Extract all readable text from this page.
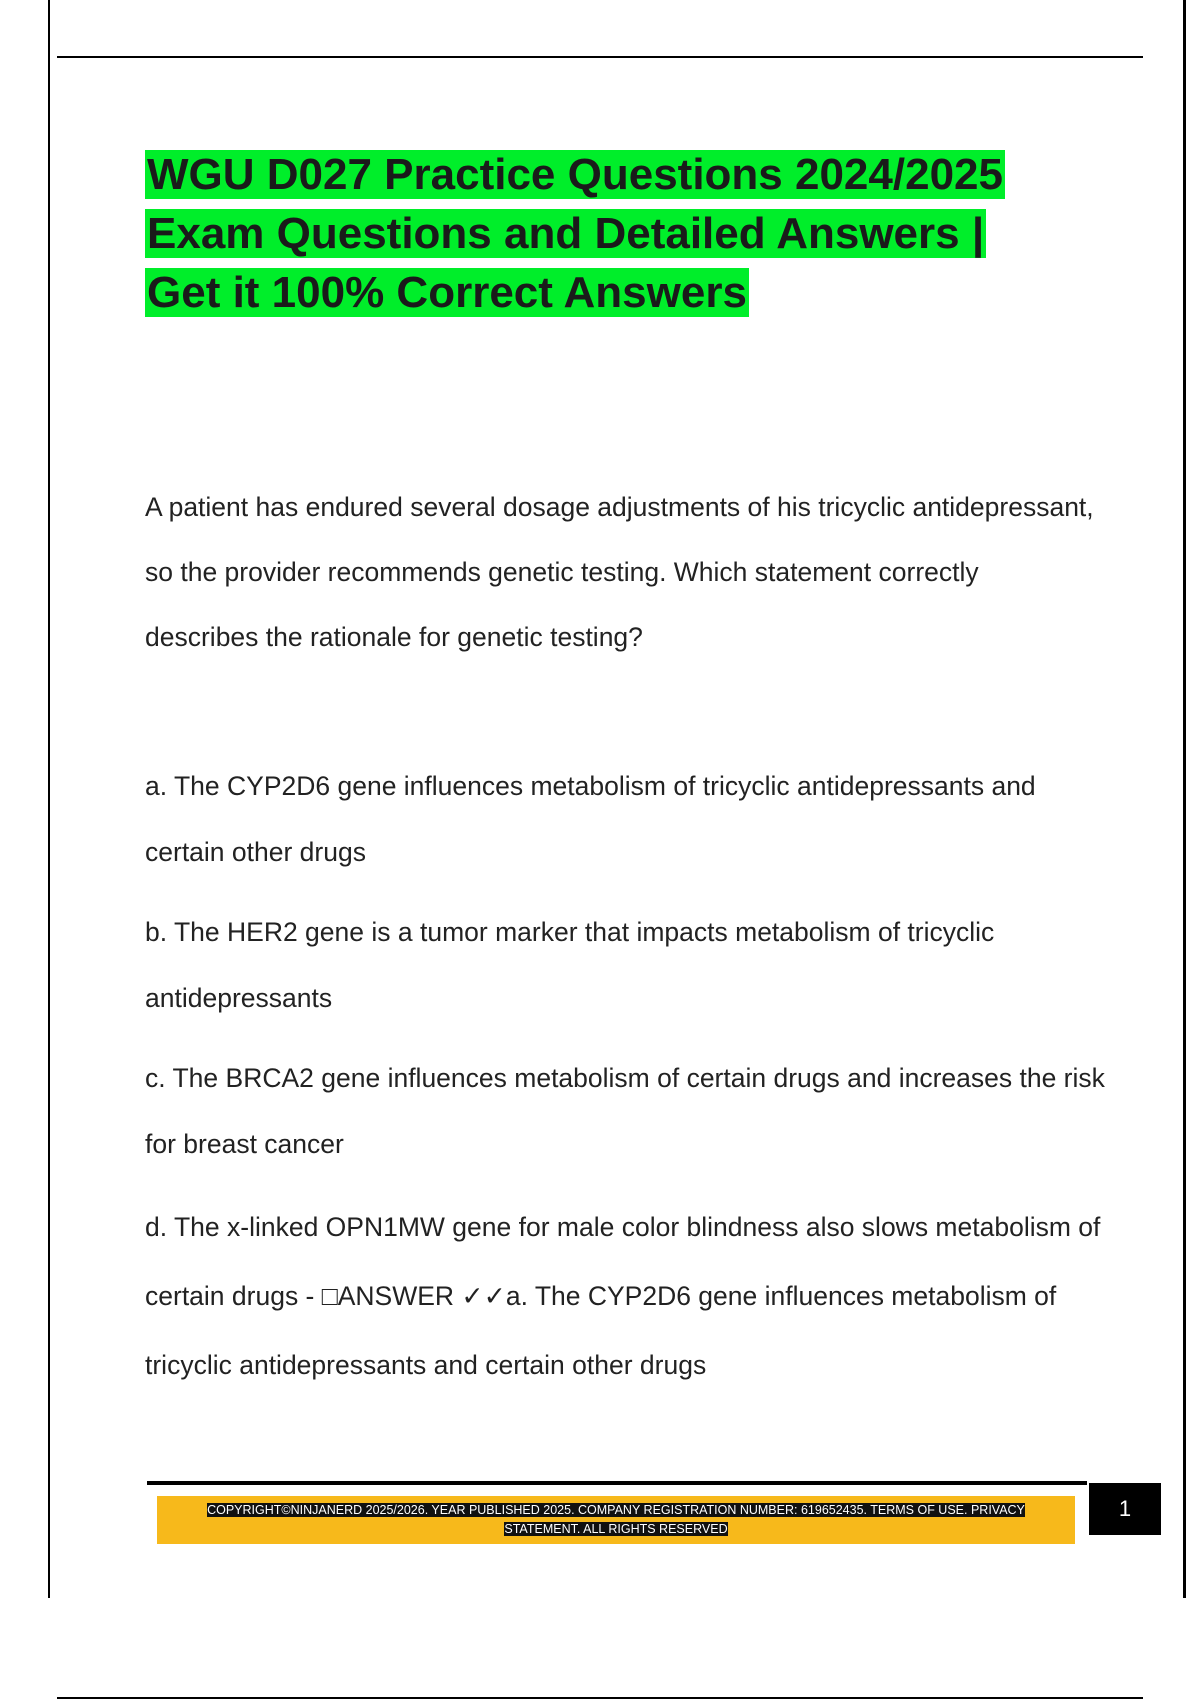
WGU D027 Practice Questions 2024/2025
Exam Questions and Detailed Answers |
Get it 100% Correct Answers

A patient has endured several dosage adjustments of his tricyclic antidepressant, so the provider recommends genetic testing. Which statement correctly describes the rationale for genetic testing?

a. The CYP2D6 gene influences metabolism of tricyclic antidepressants and certain other drugs

b. The HER2 gene is a tumor marker that impacts metabolism of tricyclic antidepressants

c. The BRCA2 gene influences metabolism of certain drugs and increases the risk for breast cancer

d. The x-linked OPN1MW gene for male color blindness also slows metabolism of certain drugs - □ANSWER ✓✓a. The CYP2D6 gene influences metabolism of tricyclic antidepressants and certain other drugs

COPYRIGHT©NINJANERD 2025/2026. YEAR PUBLISHED 2025. COMPANY REGISTRATION NUMBER: 619652435. TERMS OF USE. PRIVACY
STATEMENT. ALL RIGHTS RESERVED

1
